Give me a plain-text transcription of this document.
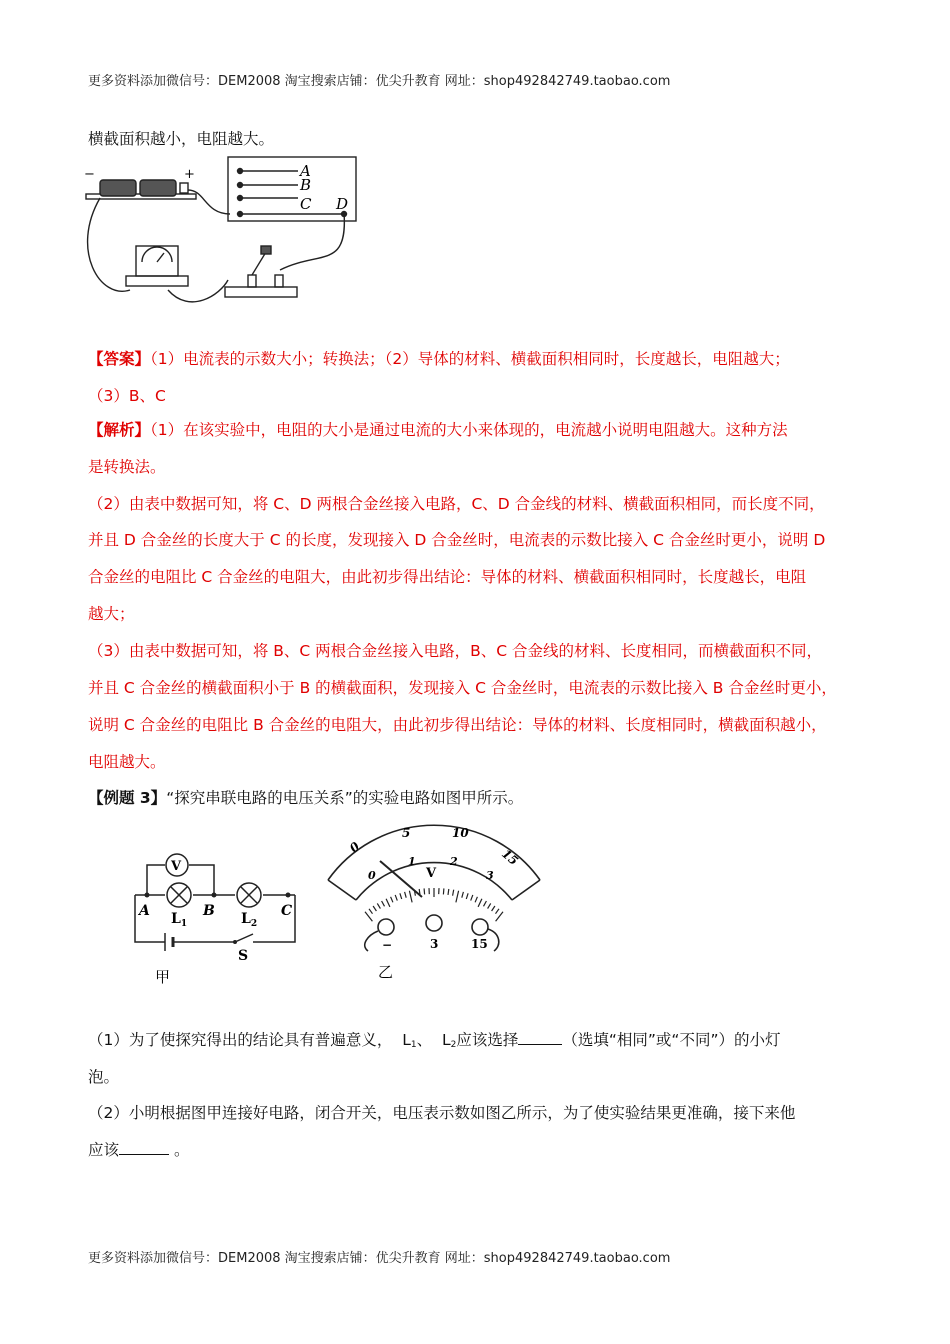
更多资料添加微信号：DEM2008 淘宝搜索店铺：优尖升教育 网址：shop492842749.taobao.com
横截面积越小，电阻越大。
−	+	A
B
C D
【答案】（1）电流表的示数大小；转换法；（2）导体的材料、横截面积相同时，长度越长，电阻越大；
（3）B、C
【解析】（1）在该实验中，电阻的大小是通过电流的大小来体现的，电流越小说明电阻越大。这种方法
是转换法。
（2）由表中数据可知，将 C、D 两根合金丝接入电路，C、D 合金线的材料、横截面积相同，而长度不同，
并且 D 合金丝的长度大于 C 的长度，发现接入 D 合金丝时，电流表的示数比接入 C 合金丝时更小，说明 D
合金丝的电阻比 C 合金丝的电阻大，由此初步得出结论：导体的材料、横截面积相同时，长度越长，电阻
越大；
（3）由表中数据可知，将 B、C 两根合金丝接入电路，B、C 合金线的材料、长度相同，而横截面积不同，
并且 C 合金丝的横截面积小于 B 的横截面积，发现接入 C 合金丝时，电流表的示数比接入 B 合金丝时更小，
说明 C 合金丝的电阻比 B 合金丝的电阻大，由此初步得出结论：导体的材料、长度相同时，横截面积越小，
电阻越大。
【例题 3】“探究串联电路的电压关系”的实验电路如图甲所示。
V
A	B	C
$L_1$	$L_2$
S
甲
0
5	10
15
0
1	2
3
V
−	3	15
乙
（1）为了使探究得出的结论具有普遍意义， $L_1$、 $L_2$应该选择	（选填“相同”或“不同”）的小灯
泡。
（2）小明根据图甲连接好电路，闭合开关，电压表示数如图乙所示，为了使实验结果更准确，接下来他
应该	。
更多资料添加微信号：DEM2008 淘宝搜索店铺：优尖升教育 网址：shop492842749.taobao.com
